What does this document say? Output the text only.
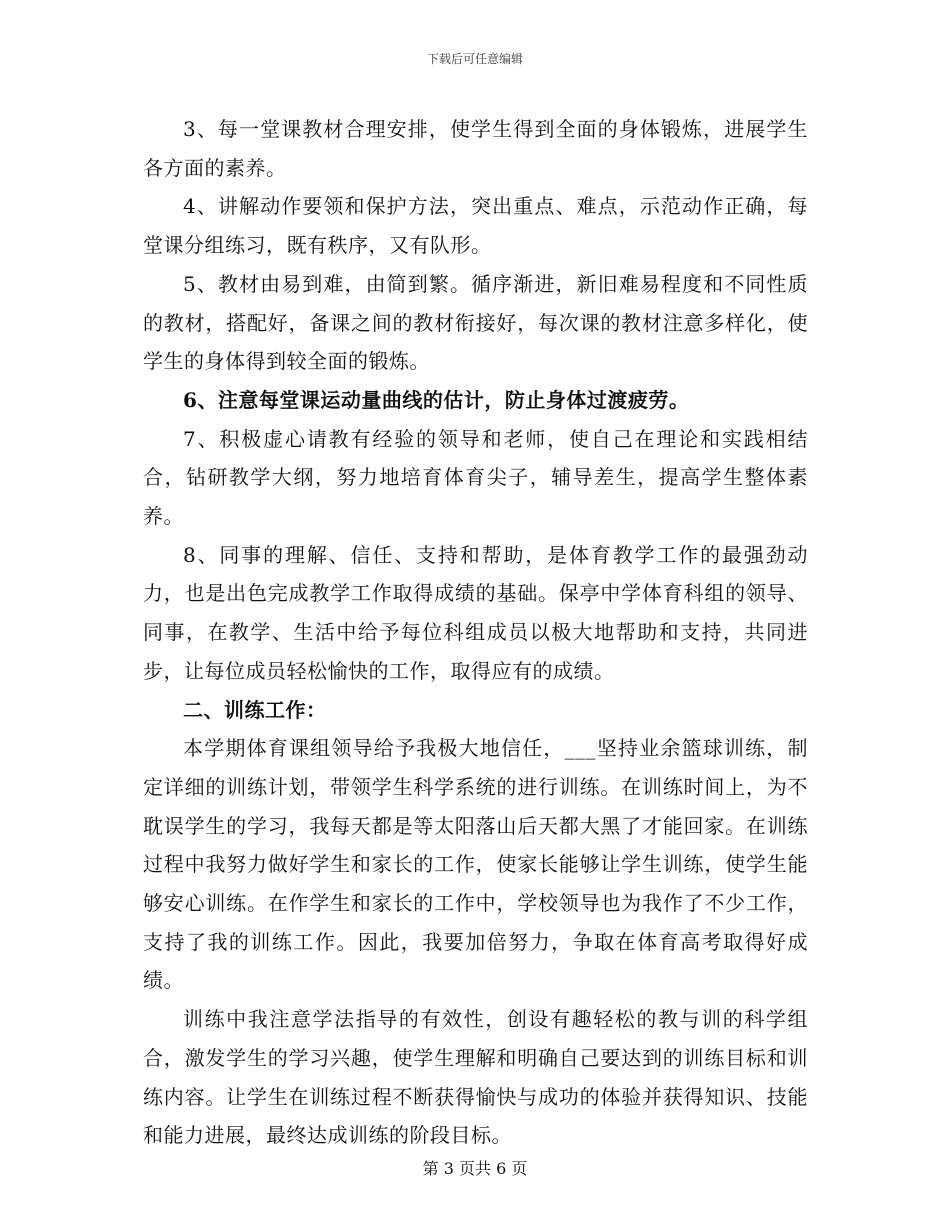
下载后可任意编辑

3、每一堂课教材合理安排，使学生得到全面的身体锻炼，进展学生各方面的素养。

4、讲解动作要领和保护方法，突出重点、难点，示范动作正确，每堂课分组练习，既有秩序，又有队形。

5、教材由易到难，由简到繁。循序渐进，新旧难易程度和不同性质的教材，搭配好，备课之间的教材衔接好，每次课的教材注意多样化，使学生的身体得到较全面的锻炼。

6、注意每堂课运动量曲线的估计，防止身体过渡疲劳。

7、积极虚心请教有经验的领导和老师，使自己在理论和实践相结合，钻研教学大纲，努力地培育体育尖子，辅导差生，提高学生整体素养。

8、同事的理解、信任、支持和帮助，是体育教学工作的最强劲动力，也是出色完成教学工作取得成绩的基础。保亭中学体育科组的领导、同事，在教学、生活中给予每位科组成员以极大地帮助和支持，共同进步，让每位成员轻松愉快的工作，取得应有的成绩。

二、训练工作：

本学期体育课组领导给予我极大地信任，___坚持业余篮球训练，制定详细的训练计划，带领学生科学系统的进行训练。在训练时间上，为不耽误学生的学习，我每天都是等太阳落山后天都大黑了才能回家。在训练过程中我努力做好学生和家长的工作，使家长能够让学生训练，使学生能够安心训练。在作学生和家长的工作中，学校领导也为我作了不少工作，支持了我的训练工作。因此，我要加倍努力，争取在体育高考取得好成绩。

训练中我注意学法指导的有效性，创设有趣轻松的教与训的科学组合，激发学生的学习兴趣，使学生理解和明确自己要达到的训练目标和训练内容。让学生在训练过程不断获得愉快与成功的体验并获得知识、技能和能力进展，最终达成训练的阶段目标。

第 3 页共 6 页
